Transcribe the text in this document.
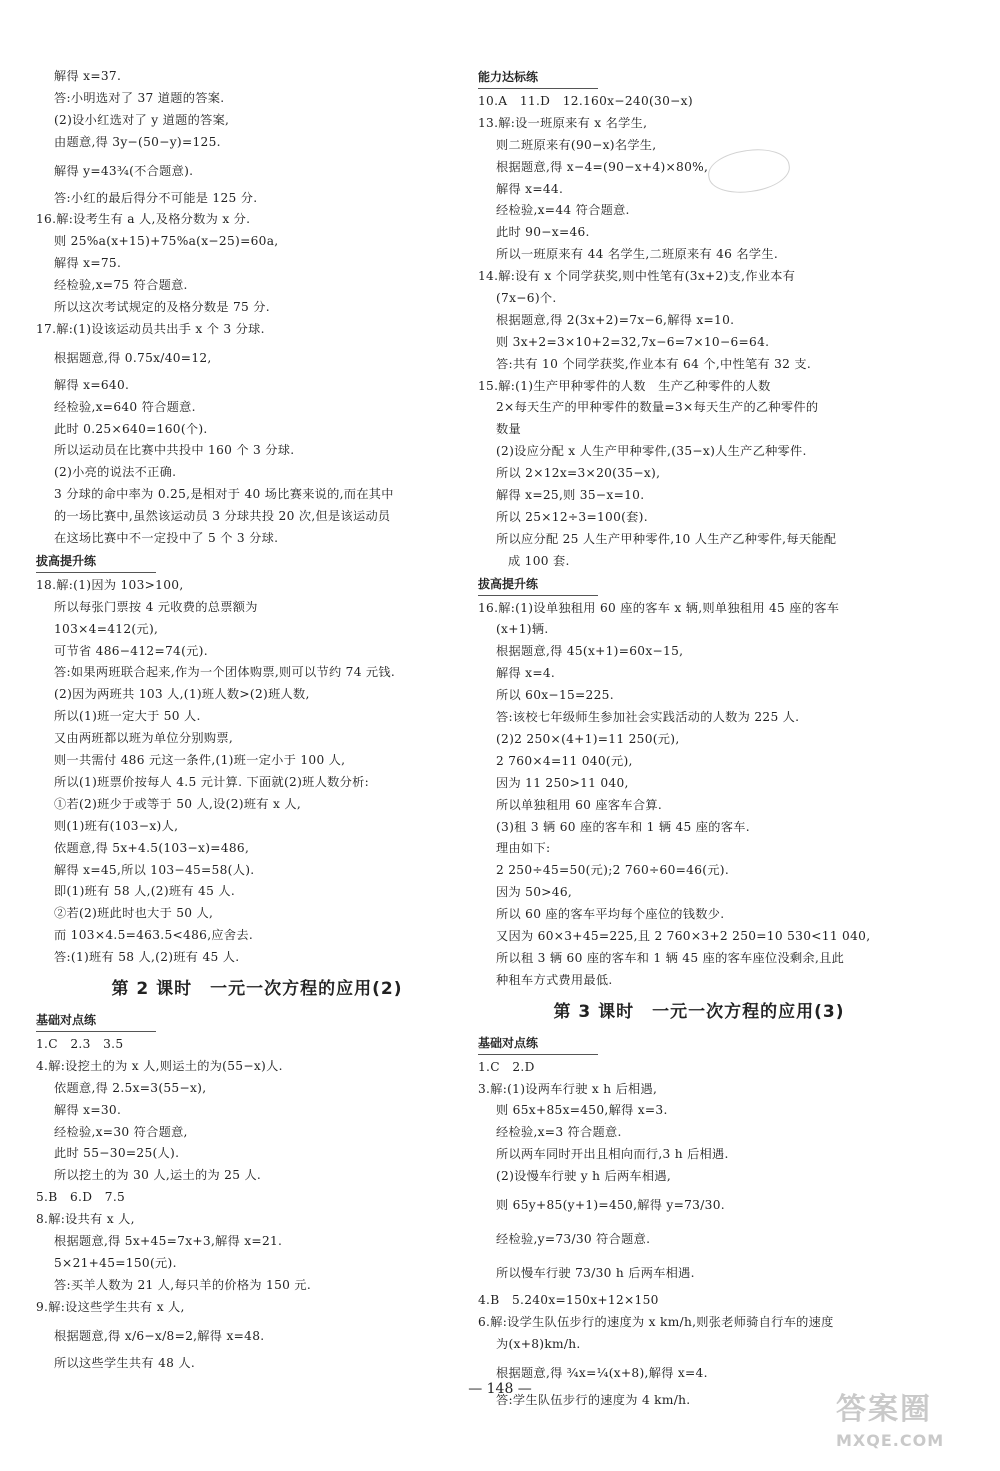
解得 x=37.
答:小明选对了 37 道题的答案.
(2)设小红选对了 y 道题的答案,
由题意,得 3y−(50−y)=125.
解得 y=43¾(不合题意).
答:小红的最后得分不可能是 125 分.
16.解:设考生有 a 人,及格分数为 x 分.
则 25%a(x+15)+75%a(x−25)=60a,
解得 x=75.
经检验,x=75 符合题意.
所以这次考试规定的及格分数是 75 分.
17.解:(1)设该运动员共出手 x 个 3 分球.
根据题意,得 0.75x/40=12,
解得 x=640.
经检验,x=640 符合题意.
此时 0.25×640=160(个).
所以运动员在比赛中共投中 160 个 3 分球.
(2)小亮的说法不正确.
3 分球的命中率为 0.25,是相对于 40 场比赛来说的,而在其中
的一场比赛中,虽然该运动员 3 分球共投 20 次,但是该运动员
在这场比赛中不一定投中了 5 个 3 分球.
拔高提升练
18.解:(1)因为 103>100,
所以每张门票按 4 元收费的总票额为
103×4=412(元),
可节省 486−412=74(元).
答:如果两班联合起来,作为一个团体购票,则可以节约 74 元钱.
(2)因为两班共 103 人,(1)班人数>(2)班人数,
所以(1)班一定大于 50 人.
又由两班都以班为单位分别购票,
则一共需付 486 元这一条件,(1)班一定小于 100 人,
所以(1)班票价按每人 4.5 元计算. 下面就(2)班人数分析:
①若(2)班少于或等于 50 人,设(2)班有 x 人,
则(1)班有(103−x)人,
依题意,得 5x+4.5(103−x)=486,
解得 x=45,所以 103−45=58(人).
即(1)班有 58 人,(2)班有 45 人.
②若(2)班此时也大于 50 人,
而 103×4.5=463.5<486,应舍去.
答:(1)班有 58 人,(2)班有 45 人.
第 2 课时　一元一次方程的应用(2)
基础对点练
1.C　2.3　3.5
4.解:设挖土的为 x 人,则运土的为(55−x)人.
依题意,得 2.5x=3(55−x),
解得 x=30.
经检验,x=30 符合题意,
此时 55−30=25(人).
所以挖土的为 30 人,运土的为 25 人.
5.B　6.D　7.5
8.解:设共有 x 人,
根据题意,得 5x+45=7x+3,解得 x=21.
5×21+45=150(元).
答:买羊人数为 21 人,每只羊的价格为 150 元.
9.解:设这些学生共有 x 人,
根据题意,得 x/6−x/8=2,解得 x=48.
所以这些学生共有 48 人.
能力达标练
10.A　11.D　12.160x−240(30−x)
13.解:设一班原来有 x 名学生,
则二班原来有(90−x)名学生,
根据题意,得 x−4=(90−x+4)×80%,
解得 x=44.
经检验,x=44 符合题意.
此时 90−x=46.
所以一班原来有 44 名学生,二班原来有 46 名学生.
14.解:设有 x 个同学获奖,则中性笔有(3x+2)支,作业本有
(7x−6)个.
根据题意,得 2(3x+2)=7x−6,解得 x=10.
则 3x+2=3×10+2=32,7x−6=7×10−6=64.
答:共有 10 个同学获奖,作业本有 64 个,中性笔有 32 支.
15.解:(1)生产甲种零件的人数　生产乙种零件的人数
2×每天生产的甲种零件的数量=3×每天生产的乙种零件的
数量
(2)设应分配 x 人生产甲种零件,(35−x)人生产乙种零件.
所以 2×12x=3×20(35−x),
解得 x=25,则 35−x=10.
所以 25×12÷3=100(套).
所以应分配 25 人生产甲种零件,10 人生产乙种零件,每天能配
成 100 套.
拔高提升练
16.解:(1)设单独租用 60 座的客车 x 辆,则单独租用 45 座的客车
(x+1)辆.
根据题意,得 45(x+1)=60x−15,
解得 x=4.
所以 60x−15=225.
答:该校七年级师生参加社会实践活动的人数为 225 人.
(2)2 250×(4+1)=11 250(元),
2 760×4=11 040(元),
因为 11 250>11 040,
所以单独租用 60 座客车合算.
(3)租 3 辆 60 座的客车和 1 辆 45 座的客车.
理由如下:
2 250÷45=50(元);2 760÷60=46(元).
因为 50>46,
所以 60 座的客车平均每个座位的钱数少.
又因为 60×3+45=225,且 2 760×3+2 250=10 530<11 040,
所以租 3 辆 60 座的客车和 1 辆 45 座的客车座位没剩余,且此
种租车方式费用最低.
第 3 课时　一元一次方程的应用(3)
基础对点练
1.C　2.D
3.解:(1)设两车行驶 x h 后相遇,
则 65x+85x=450,解得 x=3.
经检验,x=3 符合题意.
所以两车同时开出且相向而行,3 h 后相遇.
(2)设慢车行驶 y h 后两车相遇,
则 65y+85(y+1)=450,解得 y=73/30.
经检验,y=73/30 符合题意.
所以慢车行驶 73/30 h 后两车相遇.
4.B　5.240x=150x+12×150
6.解:设学生队伍步行的速度为 x km/h,则张老师骑自行车的速度
为(x+8)km/h.
根据题意,得 ¾x=¼(x+8),解得 x=4.
答:学生队伍步行的速度为 4 km/h.
— 148 —
答案圈
MXQE.COM
